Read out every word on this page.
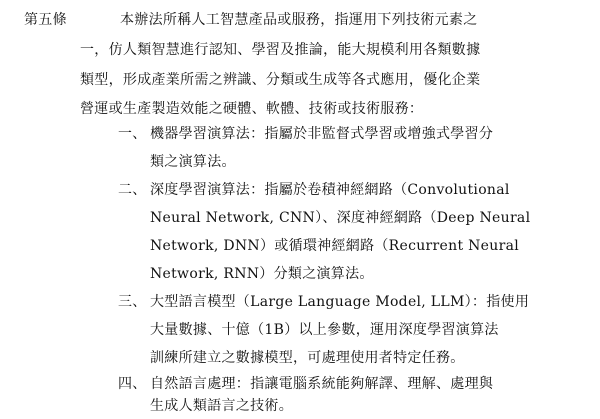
第五條	本辦法所稱人工智慧產品或服務，指運用下列技術元素之
一，仿人類智慧進行認知、學習及推論，能大規模利用各類數據
類型，形成產業所需之辨識、分類或生成等各式應用，優化企業
營運或生產製造效能之硬體、軟體、技術或技術服務：
一、 機器學習演算法：指屬於非監督式學習或增強式學習分
類之演算法。
二、 深度學習演算法：指屬於卷積神經網路（Convolutional
Neural Network, CNN）、深度神經網路（Deep Neural
Network, DNN）或循環神經網路（Recurrent Neural
Network, RNN）分類之演算法。
三、 大型語言模型（Large Language Model, LLM）：指使用
大量數據、十億（1B）以上參數，運用深度學習演算法
訓練所建立之數據模型，可處理使用者特定任務。
四、 自然語言處理：指讓電腦系統能夠解譯、理解、處理與
生成人類語言之技術。
